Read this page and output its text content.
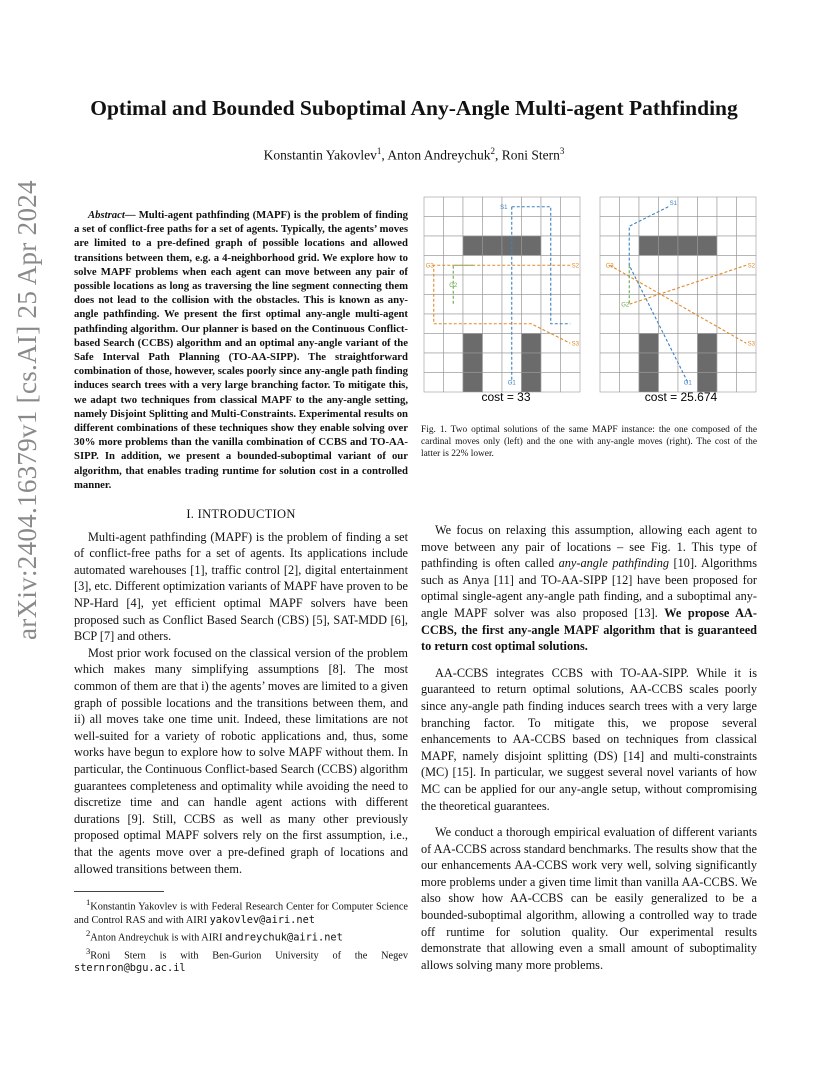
arXiv:2404.16379v1 [cs.AI] 25 Apr 2024
Optimal and Bounded Suboptimal Any-Angle Multi-agent Pathfinding
Konstantin Yakovlev$^1$, Anton Andreychuk$^2$, Roni Stern$^3$
Abstract— Multi-agent pathfinding (MAPF) is the problem of finding a set of conflict-free paths for a set of agents. Typically, the agents’ moves are limited to a pre-defined graph of possible locations and allowed transitions between them, e.g. a 4-neighborhood grid. We explore how to solve MAPF problems when each agent can move between any pair of possible locations as long as traversing the line segment connecting them does not lead to the collision with the obstacles. This is known as any-angle pathfinding. We present the first optimal any-angle multi-agent pathfinding algorithm. Our planner is based on the Continuous Conflict-based Search (CCBS) algorithm and an optimal any-angle variant of the Safe Interval Path Planning (TO-AA-SIPP). The straightforward combination of those, however, scales poorly since any-angle path finding induces search trees with a very large branching factor. To mitigate this, we adapt two techniques from classical MAPF to the any-angle setting, namely Disjoint Splitting and Multi-Constraints. Experimental results on different combinations of these techniques show they enable solving over 30% more problems than the vanilla combination of CCBS and TO-AA-SIPP. In addition, we present a bounded-suboptimal variant of our algorithm, that enables trading runtime for solution cost in a controlled manner.
I. INTRODUCTION

Multi-agent pathfinding (MAPF) is the problem of finding a set of conflict-free paths for a set of agents. Its applications include automated warehouses [1], traffic control [2], digital entertainment [3], etc. Different optimization variants of MAPF have proven to be NP-Hard [4], yet efficient optimal MAPF solvers have been proposed such as Conflict Based Search (CBS) [5], SAT-MDD [6], BCP [7] and others.

Most prior work focused on the classical version of the problem which makes many simplifying assumptions [8]. The most common of them are that i) the agents’ moves are limited to a given graph of possible locations and the transitions between them, and ii) all moves take one time unit. Indeed, these limitations are not well-suited for a variety of robotic applications and, thus, some works have begun to explore how to solve MAPF without them. In particular, the Continuous Conflict-based Search (CCBS) algorithm guarantees completeness and optimality while avoiding the need to discretize time and can handle agent actions with different durations [9]. Still, CCBS as well as many other previously proposed optimal MAPF solvers rely on the first assumption, i.e., that the agents move over a pre-defined graph of locations and allowed transitions between them.

$^1$Konstantin Yakovlev is with Federal Research Center for Computer Science and Control RAS and with AIRI yakovlev@airi.net
$^2$Anton Andreychuk is with AIRI andreychuk@airi.net
$^3$Roni Stern is with Ben-Gurion University of the Negev sternron@bgu.ac.il
S1
S2
S3
G1
G2
G3
S1
S2
S3
G1
G2
G3
cost = 33	cost = 25.674
Fig. 1. Two optimal solutions of the same MAPF instance: the one composed of the cardinal moves only (left) and the one with any-angle moves (right). The cost of the latter is 22% lower.

We focus on relaxing this assumption, allowing each agent to move between any pair of locations – see Fig. 1. This type of pathfinding is often called any-angle pathfinding [10]. Algorithms such as Anya [11] and TO-AA-SIPP [12] have been proposed for optimal single-agent any-angle path finding, and a suboptimal any-angle MAPF solver was also proposed [13]. We propose AA-CCBS, the first any-angle MAPF algorithm that is guaranteed to return cost optimal solutions.

AA-CCBS integrates CCBS with TO-AA-SIPP. While it is guaranteed to return optimal solutions, AA-CCBS scales poorly since any-angle path finding induces search trees with a very large branching factor. To mitigate this, we propose several enhancements to AA-CCBS based on techniques from classical MAPF, namely disjoint splitting (DS) [14] and multi-constraints (MC) [15]. In particular, we suggest several novel variants of how MC can be applied for our any-angle setup, without compromising the theoretical guarantees.

We conduct a thorough empirical evaluation of different variants of AA-CCBS across standard benchmarks. The results show that the our enhancements AA-CCBS work very well, solving significantly more problems under a given time limit than vanilla AA-CCBS. We also show how AA-CCBS can be easily generalized to be a bounded-suboptimal algorithm, allowing a controlled way to trade off runtime for solution quality. Our experimental results demonstrate that allowing even a small amount of suboptimality allows solving many more problems.
